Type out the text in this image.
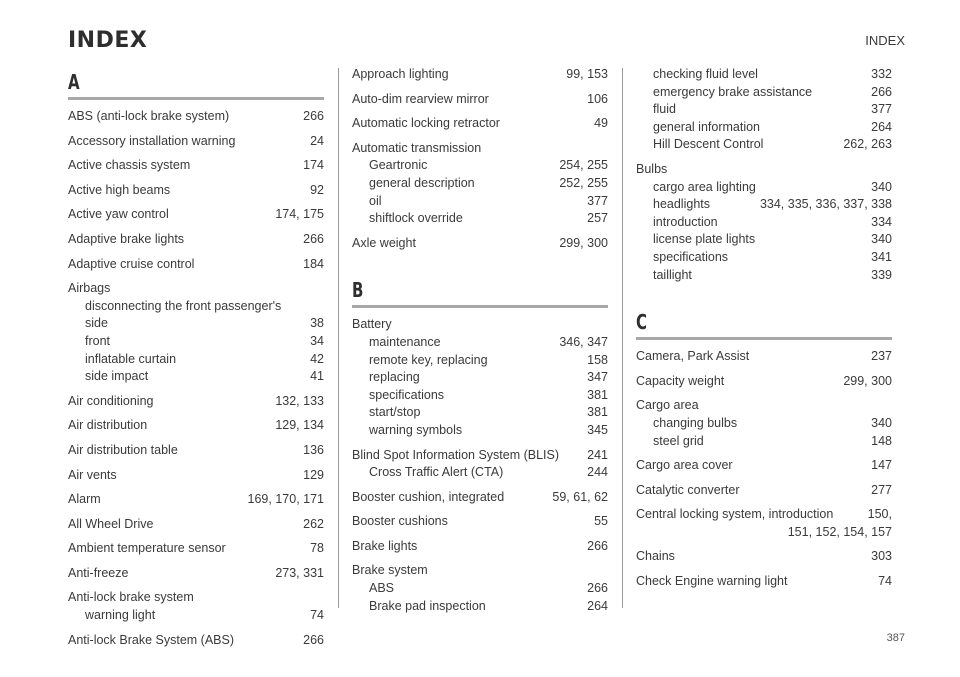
INDEX	INDEX
A
ABS (anti-lock brake system)	266
Accessory installation warning	24
Active chassis system	174
Active high beams	92
Active yaw control	174, 175
Adaptive brake lights	266
Adaptive cruise control	184
Airbags
disconnecting the front passenger's
side	38
front	34
inflatable curtain	42
side impact	41
Air conditioning	132, 133
Air distribution	129, 134
Air distribution table	136
Air vents	129
Alarm	169, 170, 171
All Wheel Drive	262
Ambient temperature sensor	78
Anti-freeze	273, 331
Anti-lock brake system
warning light	74
Anti-lock Brake System (ABS)	266
Approach lighting	99, 153
Auto-dim rearview mirror	106
Automatic locking retractor	49
Automatic transmission
Geartronic	254, 255
general description	252, 255
oil	377
shiftlock override	257
Axle weight	299, 300
B
Battery
maintenance	346, 347
remote key, replacing	158
replacing	347
specifications	381
start/stop	381
warning symbols	345
Blind Spot Information System (BLIS)	241
Cross Traffic Alert (CTA)	244
Booster cushion, integrated	59, 61, 62
Booster cushions	55
Brake lights	266
Brake system
ABS	266
Brake pad inspection	264
checking fluid level	332
emergency brake assistance	266
fluid	377
general information	264
Hill Descent Control	262, 263
Bulbs
cargo area lighting	340
headlights	334, 335, 336, 337, 338
introduction	334
license plate lights	340
specifications	341
taillight	339
C
Camera, Park Assist	237
Capacity weight	299, 300
Cargo area
changing bulbs	340
steel grid	148
Cargo area cover	147
Catalytic converter	277
Central locking system, introduction	150,
151, 152, 154, 157
Chains	303
Check Engine warning light	74
387
